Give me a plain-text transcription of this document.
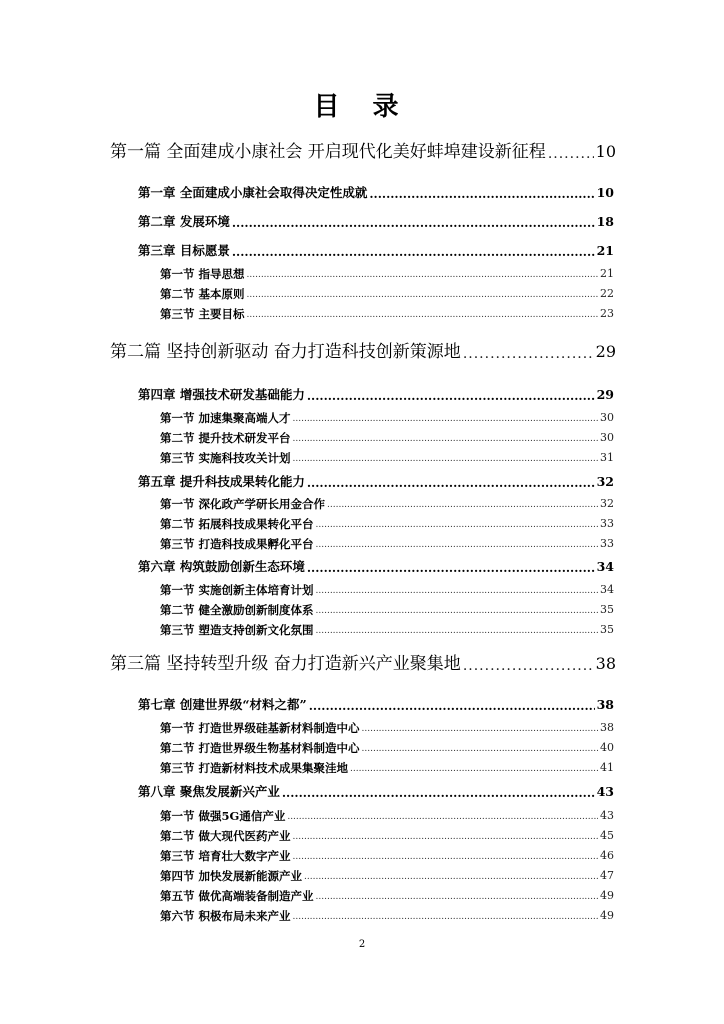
目 录
第一篇 全面建成小康社会 开启现代化美好蚌埠建设新征程 .....	10
第一章 全面建成小康社会取得决定性成就 .....	10
第二章 发展环境 .....	18
第三章 目标愿景 .....	21
第一节 指导思想 .....	21
第二节 基本原则 .....	22
第三节 主要目标 .....	23
第二篇 坚持创新驱动 奋力打造科技创新策源地 .....	29
第四章 增强技术研发基础能力 .....	29
第一节 加速集聚高端人才 .....	30
第二节 提升技术研发平台 .....	30
第三节 实施科技攻关计划 .....	31
第五章 提升科技成果转化能力 .....	32
第一节 深化政产学研长用金合作 .....	32
第二节 拓展科技成果转化平台 .....	33
第三节 打造科技成果孵化平台 .....	33
第六章 构筑鼓励创新生态环境 .....	34
第一节 实施创新主体培育计划 .....	34
第二节 健全激励创新制度体系 .....	35
第三节 塑造支持创新文化氛围 .....	35
第三篇 坚持转型升级 奋力打造新兴产业聚集地 .....	38
第七章 创建世界级“材料之都” .....	38
第一节 打造世界级硅基新材料制造中心 .....	38
第二节 打造世界级生物基材料制造中心 .....	40
第三节 打造新材料技术成果集聚洼地 .....	41
第八章 聚焦发展新兴产业 .....	43
第一节 做强5G通信产业 .....	43
第二节 做大现代医药产业 .....	45
第三节 培育壮大数字产业 .....	46
第四节 加快发展新能源产业 .....	47
第五节 做优高端装备制造产业 .....	49
第六节 积极布局未来产业 .....	49
2
